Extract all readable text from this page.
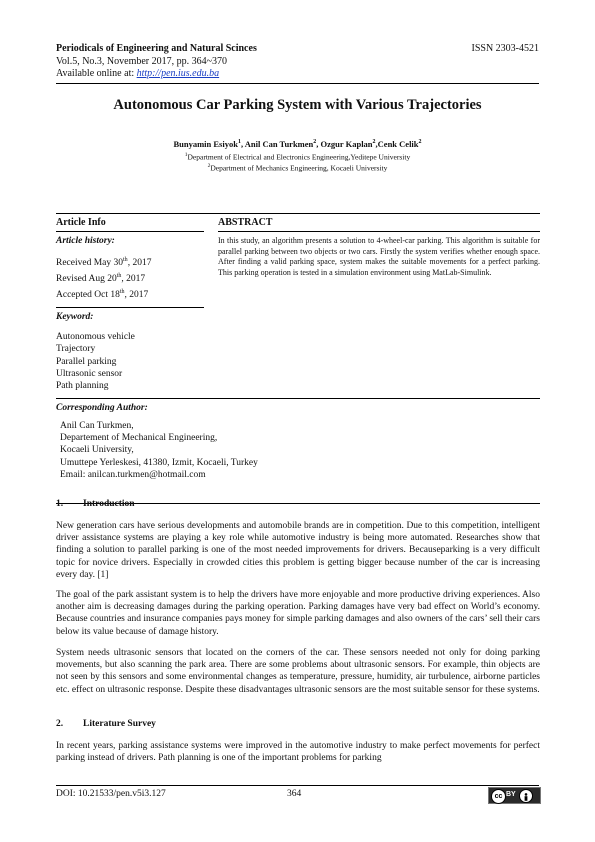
Periodicals of Engineering and Natural Scinces	ISSN 2303-4521
Vol.5, No.3, November 2017, pp. 364~370
Available online at: http://pen.ius.edu.ba
Autonomous Car Parking System with Various Trajectories
Bunyamin Esiyok$^1$, Anil Can Turkmen$^2$, Ozgur Kaplan$^2$,Cenk Celik$^2$
$^1$Department of Electrical and Electronics Engineering,Yeditepe University
$^2$Department of Mechanics Engineering, Kocaeli University
Article Info	ABSTRACT
Article history:
Received May 30th, 2017
Revised Aug 20th, 2017
Accepted Oct 18th, 2017
In this study, an algorithm presents a solution to 4-wheel-car parking. This algorithm is suitable for parallel parking between two objects or two cars. Firstly the system verifies whether enough space. After finding a valid parking space, system makes the suitable movements for a perfect parking. This parking operation is tested in a simulation environment using MatLab-Simulink.
Keyword:
Autonomous vehicle
Trajectory
Parallel parking
Ultrasonic sensor
Path planning
Corresponding Author:
Anil Can Turkmen,
Departement of Mechanical Engineering,
Kocaeli University,
Umuttepe Yerleskesi, 41380, Izmit, Kocaeli, Turkey
Email: anilcan.turkmen@hotmail.com
1. Introduction
New generation cars have serious developments and automobile brands are in competition. Due to this competition, intelligent driver assistance systems are playing a key role while automotive industry is being more automated. Researches show that finding a solution to parallel parking is one of the most needed improvements for drivers. Becauseparking is a very difficult topic for novice drivers. Especially in crowded cities this problem is getting bigger because number of the car is increasing every day. [1]
The goal of the park assistant system is to help the drivers have more enjoyable and more productive driving experiences. Also another aim is decreasing damages during the parking operation. Parking damages have very bad effect on World’s economy. Because countries and insurance companies pays money for simple parking damages and also owners of the cars’ sell their cars below its value because of damage history.
System needs ultrasonic sensors that located on the corners of the car. These sensors needed not only for doing parking movements, but also scanning the park area. There are some problems about ultrasonic sensors. For example, thin objects are not seen by this sensors and some environmental changes as temperature, pressure, humidity, air turbulence, airborne particles etc. effect on ultrasonic response. Despite these disadvantages ultrasonic sensors are the most suitable sensor for these systems.
2. Literature Survey
In recent years, parking assistance systems were improved in the automotive industry to make perfect movements for perfect parking instead of drivers. Path planning is one of the important problems for parking
DOI: 10.21533/pen.v5i3.127	364	cc BY
